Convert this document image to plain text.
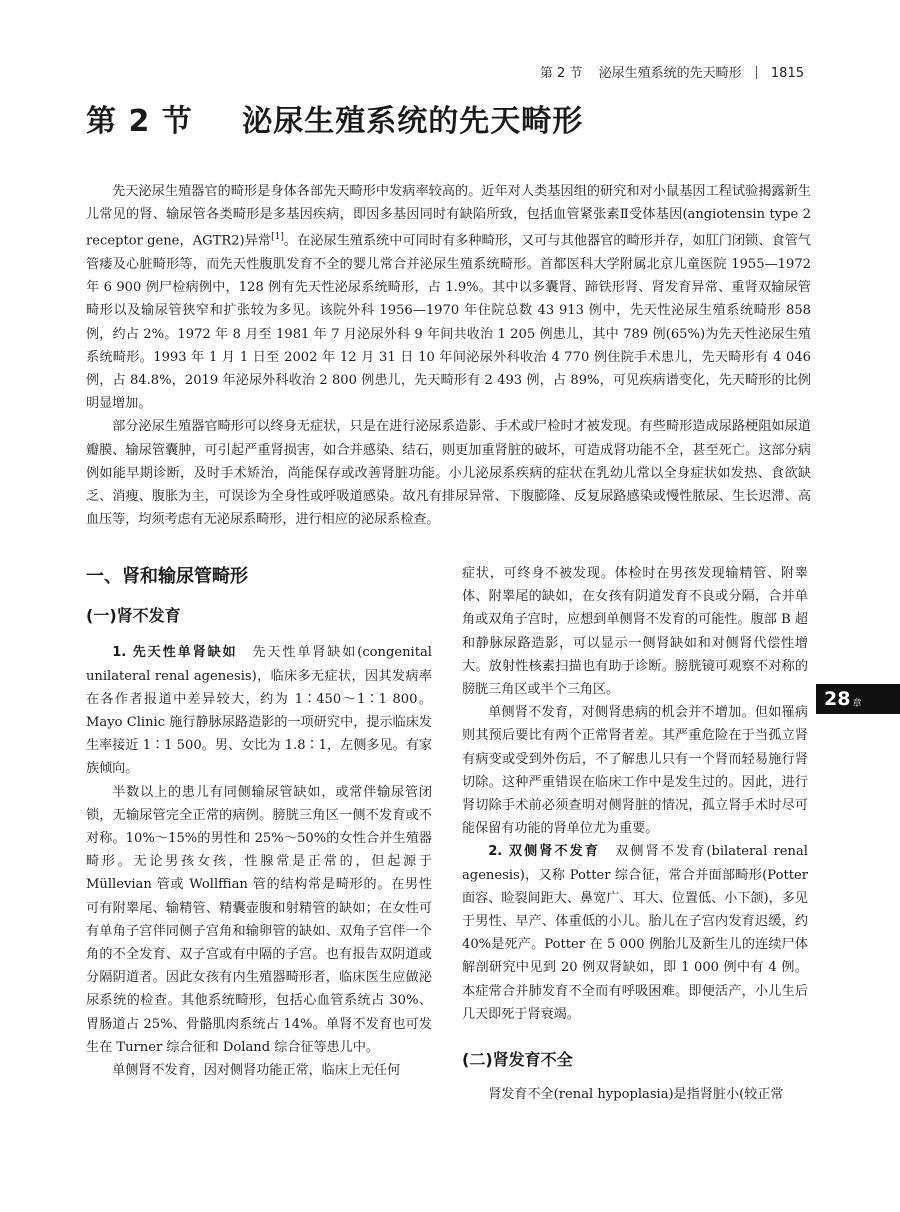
第 2 节 泌尿生殖系统的先天畸形 1815
第 2 节 泌尿生殖系统的先天畸形

先天泌尿生殖器官的畸形是身体各部先天畸形中发病率较高的。近年对人类基因组的研究和对小鼠基因工程试验揭露新生儿常见的肾、输尿管各类畸形是多基因疾病，即因多基因同时有缺陷所致，包括血管紧张素Ⅱ受体基因(angiotensin type 2 receptor gene，AGTR2)异常[1]。在泌尿生殖系统中可同时有多种畸形，又可与其他器官的畸形并存，如肛门闭锁、食管气管瘘及心脏畸形等，而先天性腹肌发育不全的婴儿常合并泌尿生殖系统畸形。首都医科大学附属北京儿童医院 1955—1972 年 6 900 例尸检病例中，128 例有先天性泌尿系统畸形，占 1.9%。其中以多囊肾、蹄铁形肾、肾发育异常、重肾双输尿管畸形以及输尿管狭窄和扩张较为多见。该院外科 1956—1970 年住院总数 43 913 例中，先天性泌尿生殖系统畸形 858 例，约占 2%。1972 年 8 月至 1981 年 7 月泌尿外科 9 年间共收治 1 205 例患儿，其中 789 例(65%)为先天性泌尿生殖系统畸形。1993 年 1 月 1 日至 2002 年 12 月 31 日 10 年间泌尿外科收治 4 770 例住院手术患儿，先天畸形有 4 046 例，占 84.8%，2019 年泌尿外科收治 2 800 例患儿，先天畸形有 2 493 例，占 89%，可见疾病谱变化，先天畸形的比例明显增加。

部分泌尿生殖器官畸形可以终身无症状，只是在进行泌尿系造影、手术或尸检时才被发现。有些畸形造成尿路梗阻如尿道瓣膜、输尿管囊肿，可引起严重肾损害，如合并感染、结石，则更加重肾脏的破坏，可造成肾功能不全，甚至死亡。这部分病例如能早期诊断，及时手术矫治，尚能保存或改善肾脏功能。小儿泌尿系疾病的症状在乳幼儿常以全身症状如发热、食欲缺乏、消瘦、腹胀为主，可误诊为全身性或呼吸道感染。故凡有排尿异常、下腹膨隆、反复尿路感染或慢性脓尿、生长迟滞、高血压等，均须考虑有无泌尿系畸形，进行相应的泌尿系检查。

一、肾和输尿管畸形
(一)肾不发育

1. 先天性单肾缺如　 先天性单肾缺如(congenital unilateral renal agenesis)，临床多无症状，因其发病率在各作者报道中差异较大，约为 1∶450～1∶1 800。Mayo Clinic 施行静脉尿路造影的一项研究中，提示临床发生率接近 1∶1 500。男、女比为 1.8∶1，左侧多见。有家族倾向。

半数以上的患儿有同侧输尿管缺如，或常伴输尿管闭锁，无输尿管完全正常的病例。膀胱三角区一侧不发育或不对称。10%～15%的男性和 25%～50%的女性合并生殖器畸形。无论男孩女孩，性腺常是正常的，但起源于 Müllevian 管或 Wollffian 管的结构常是畸形的。在男性可有附睾尾、输精管、精囊壶腹和射精管的缺如；在女性可有单角子宫伴同侧子宫角和输卵管的缺如、双角子宫伴一个角的不全发育、双子宫或有中隔的子宫。也有报告双阴道或分隔阴道者。因此女孩有内生殖器畸形者，临床医生应做泌尿系统的检查。其他系统畸形，包括心血管系统占 30%、胃肠道占 25%、骨骼肌肉系统占 14%。单肾不发育也可发生在 Turner 综合征和 Doland 综合征等患儿中。

单侧肾不发育，因对侧肾功能正常，临床上无任何

症状，可终身不被发现。体检时在男孩发现输精管、附睾体、附睾尾的缺如，在女孩有阴道发育不良或分隔，合并单角或双角子宫时，应想到单侧肾不发育的可能性。腹部 B 超和静脉尿路造影，可以显示一侧肾缺如和对侧肾代偿性增大。放射性核素扫描也有助于诊断。膀胱镜可观察不对称的膀胱三角区或半个三角区。

单侧肾不发育，对侧肾患病的机会并不增加。但如罹病则其预后要比有两个正常肾者差。其严重危险在于当孤立肾有病变或受到外伤后，不了解患儿只有一个肾而轻易施行肾切除。这种严重错误在临床工作中是发生过的。因此，进行肾切除手术前必须查明对侧肾脏的情况，孤立肾手术时尽可能保留有功能的肾单位尤为重要。

2. 双侧肾不发育　 双侧肾不发育(bilateral renal agenesis)，又称 Potter 综合征，常合并面部畸形(Potter 面容、睑裂间距大、鼻宽广、耳大、位置低、小下颌)，多见于男性、早产、体重低的小儿。胎儿在子宫内发育迟缓，约 40%是死产。Potter 在 5 000 例胎儿及新生儿的连续尸体解剖研究中见到 20 例双肾缺如，即 1 000 例中有 4 例。本症常合并肺发育不全而有呼吸困难。即便活产，小儿生后几天即死于肾衰竭。

(二)肾发育不全

肾发育不全(renal hypoplasia)是指肾脏小(较正常

28 章
